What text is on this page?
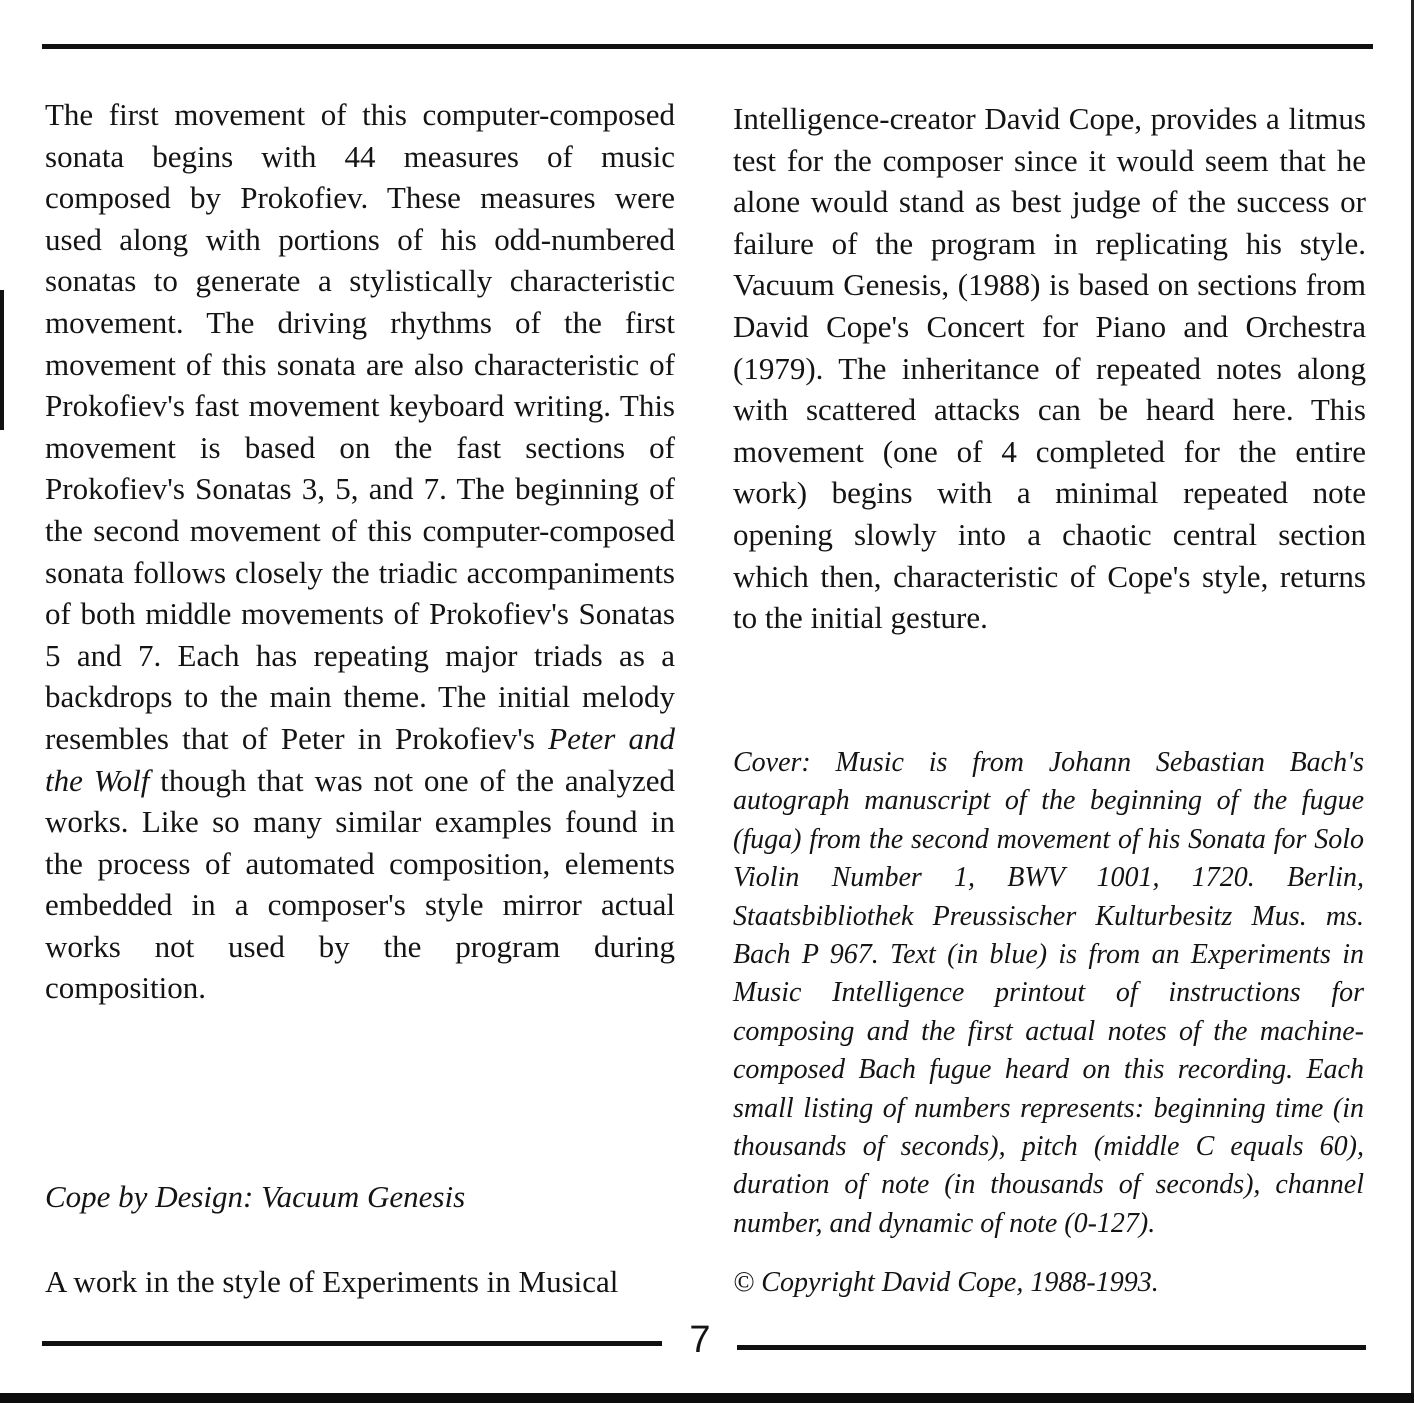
The first movement of this computer-composed sonata begins with 44 measures of music composed by Prokofiev. These measures were used along with portions of his odd-numbered sonatas to generate a stylistically characteristic movement. The driving rhythms of the first movement of this sonata are also characteristic of Prokofiev's fast movement keyboard writing. This movement is based on the fast sections of Prokofiev's Sonatas 3, 5, and 7. The beginning of the second movement of this computer-composed sonata follows closely the triadic accompaniments of both middle movements of Prokofiev's Sonatas 5 and 7. Each has repeating major triads as a backdrops to the main theme. The initial melody resembles that of Peter in Prokofiev's Peter and the Wolf though that was not one of the analyzed works. Like so many similar examples found in the process of automated composition, elements embedded in a composer's style mirror actual works not used by the program during composition.

Cope by Design: Vacuum Genesis
A work in the style of Experiments in Musical

Intelligence-creator David Cope, provides a litmus test for the composer since it would seem that he alone would stand as best judge of the success or failure of the program in replicating his style. Vacuum Genesis, (1988) is based on sections from David Cope's Concert for Piano and Orchestra (1979). The inheritance of repeated notes along with scattered attacks can be heard here. This movement (one of 4 completed for the entire work) begins with a minimal repeated note opening slowly into a chaotic central section which then, characteristic of Cope's style, returns to the initial gesture.

Cover: Music is from Johann Sebastian Bach's autograph manuscript of the beginning of the fugue (fuga) from the second movement of his Sonata for Solo Violin Number 1, BWV 1001, 1720. Berlin, Staatsbibliothek Preussischer Kulturbesitz Mus. ms. Bach P 967. Text (in blue) is from an Experiments in Music Intelligence printout of instructions for composing and the first actual notes of the machine-composed Bach fugue heard on this recording. Each small listing of numbers represents: beginning time (in thousands of seconds), pitch (middle C equals 60), duration of note (in thousands of seconds), channel number, and dynamic of note (0-127).
© Copyright David Cope, 1988-1993.
7
